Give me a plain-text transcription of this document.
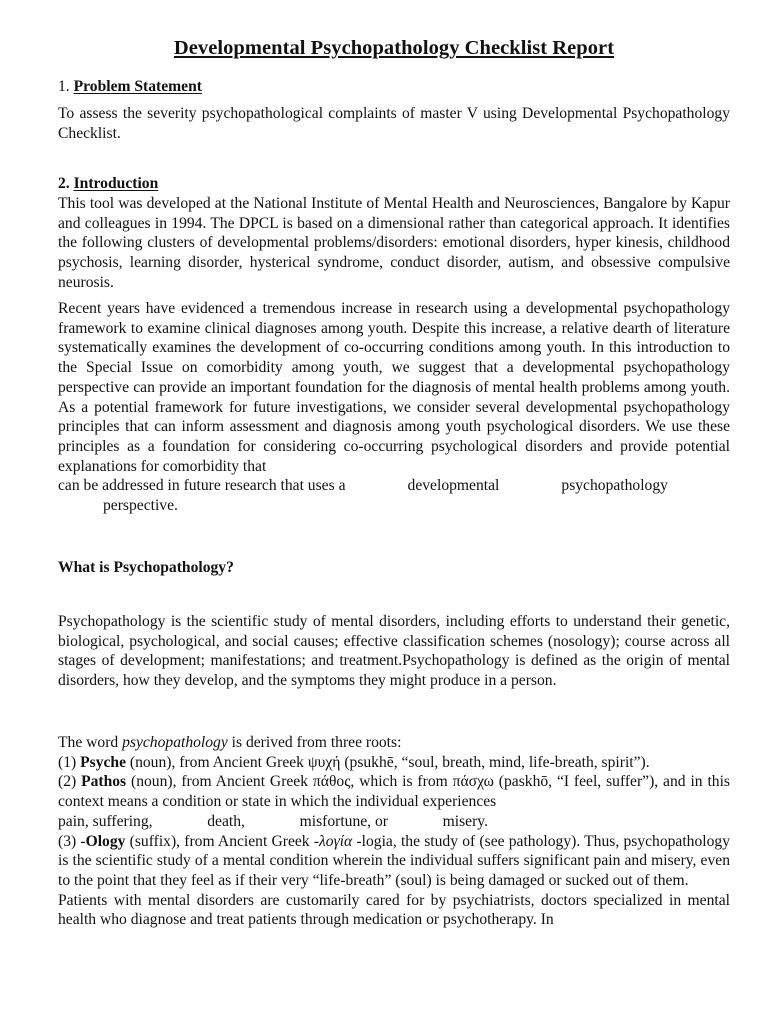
Developmental Psychopathology Checklist Report
1. Problem Statement

To assess the severity psychopathological complaints of master V using Developmental Psychopathology Checklist.

2. Introduction

This tool was developed at the National Institute of Mental Health and Neurosciences, Bangalore by Kapur and colleagues in 1994. The DPCL is based on a dimensional rather than categorical approach. It identifies the following clusters of developmental problems/disorders: emotional disorders, hyper kinesis, childhood psychosis, learning disorder, hysterical syndrome, conduct disorder, autism, and obsessive compulsive neurosis.

Recent years have evidenced a tremendous increase in research using a developmental psychopathology framework to examine clinical diagnoses among youth. Despite this increase, a relative dearth of literature systematically examines the development of co-occurring conditions among youth. In this introduction to the Special Issue on comorbidity among youth, we suggest that a developmental psychopathology perspective can provide an important foundation for the diagnosis of mental health problems among youth. As a potential framework for future investigations, we consider several developmental psychopathology principles that can inform assessment and diagnosis among youth psychological disorders. We use these principles as a foundation for considering co-occurring psychological disorders and provide potential explanations for comorbidity that

can be addressed in future research that uses a	developmental	psychopathology
perspective.
What is Psychopathology?

Psychopathology is the scientific study of mental disorders, including efforts to understand their genetic, biological, psychological, and social causes; effective classification schemes (nosology); course across all stages of development; manifestations; and treatment.Psychopathology is defined as the origin of mental disorders, how they develop, and the symptoms they might produce in a person.

The word psychopathology is derived from three roots:

(1) Psyche (noun), from Ancient Greek ψυχή (psukhē, “soul, breath, mind, life-breath, spirit”).

(2) Pathos (noun), from Ancient Greek πάθος, which is from πάσχω (paskhō, “I feel, suffer”), and in this context means a condition or state in which the individual experiences

pain, suffering,	death,	misfortune, or	misery.

(3) -Ology (suffix), from Ancient Greek -λογία -logia, the study of (see pathology). Thus, psychopathology is the scientific study of a mental condition wherein the individual suffers significant pain and misery, even to the point that they feel as if their very “life-breath” (soul) is being damaged or sucked out of them.

Patients with mental disorders are customarily cared for by psychiatrists, doctors specialized in mental health who diagnose and treat patients through medication or psychotherapy. In
